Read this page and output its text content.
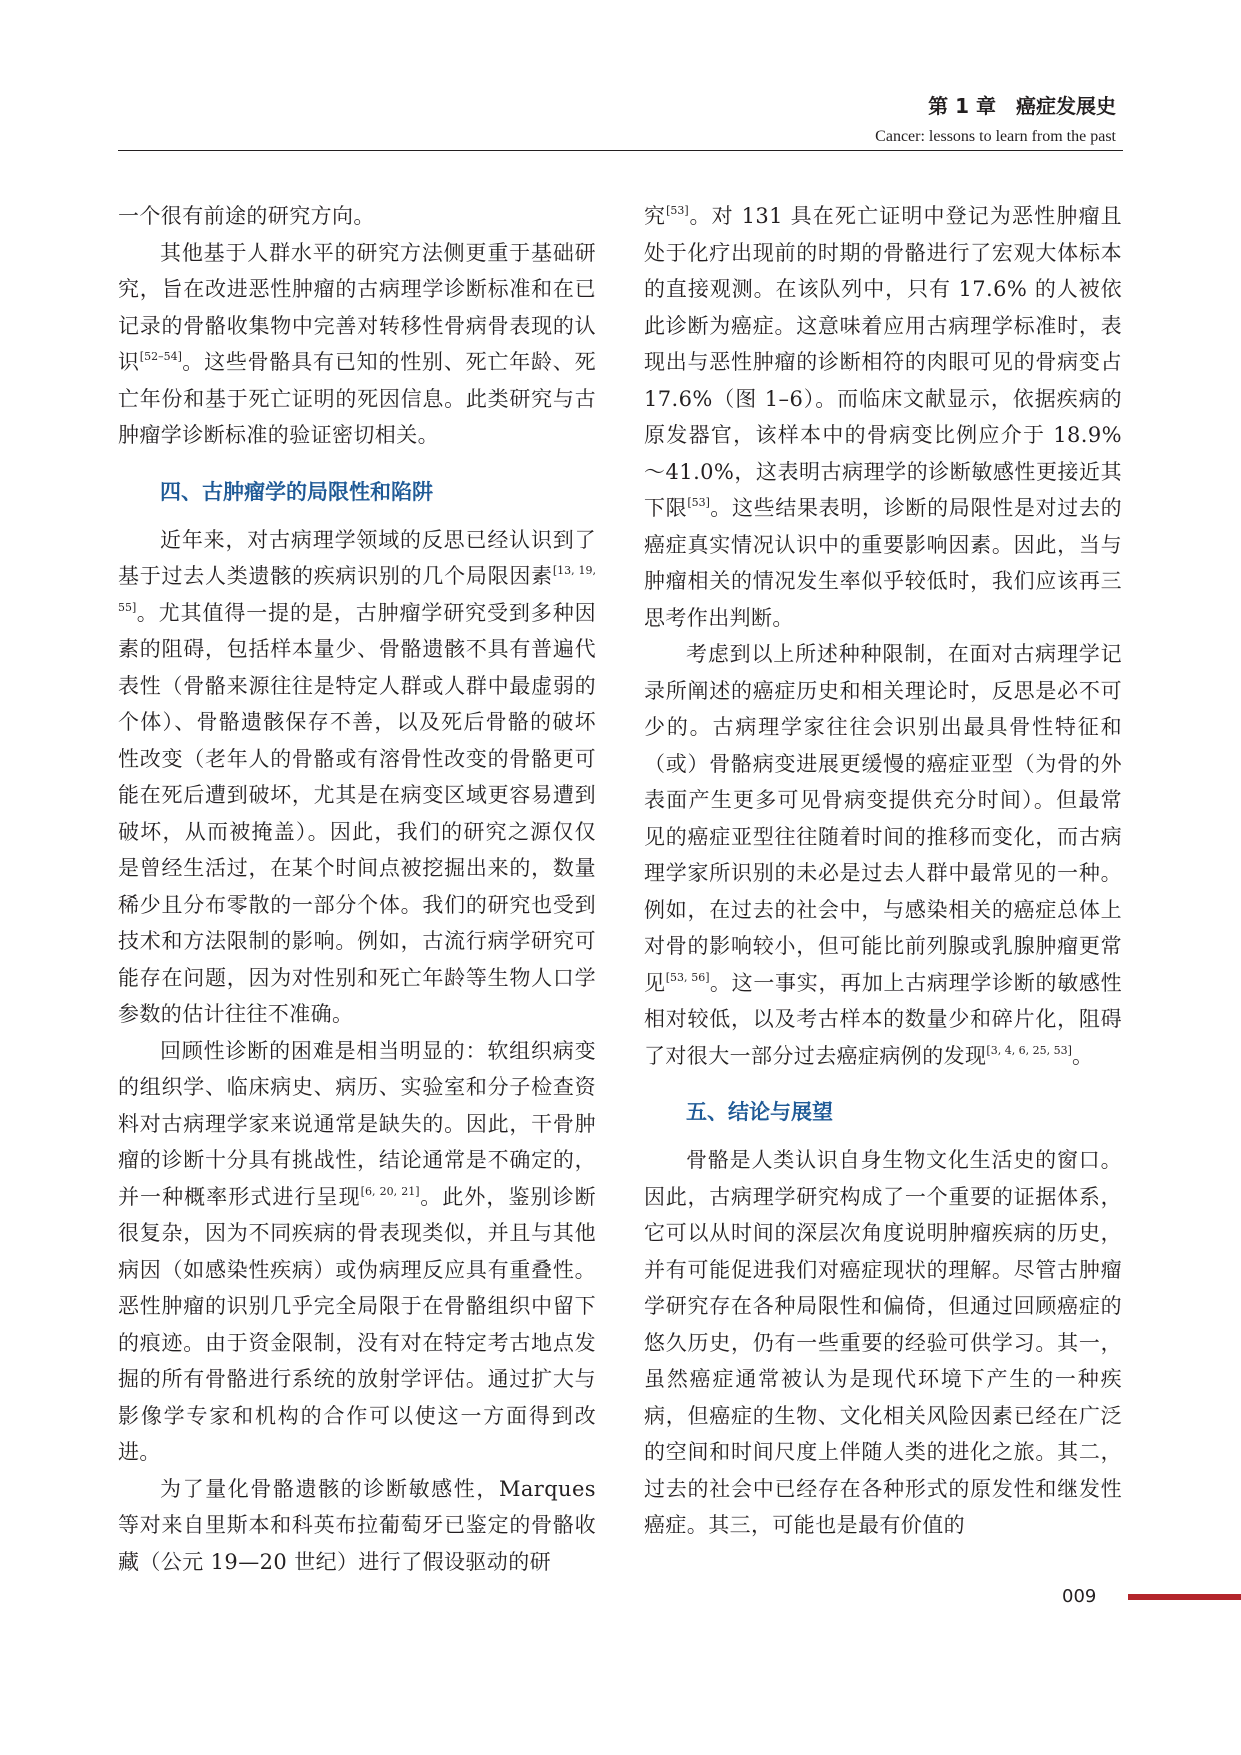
第 1 章　癌症发展史
Cancer: lessons to learn from the past

一个很有前途的研究方向。

其他基于人群水平的研究方法侧更重于基础研究，旨在改进恶性肿瘤的古病理学诊断标准和在已记录的骨骼收集物中完善对转移性骨病骨表现的认识[52–54]。这些骨骼具有已知的性别、死亡年龄、死亡年份和基于死亡证明的死因信息。此类研究与古肿瘤学诊断标准的验证密切相关。

四、古肿瘤学的局限性和陷阱

近年来，对古病理学领域的反思已经认识到了基于过去人类遗骸的疾病识别的几个局限因素[13, 19, 55]。尤其值得一提的是，古肿瘤学研究受到多种因素的阻碍，包括样本量少、骨骼遗骸不具有普遍代表性（骨骼来源往往是特定人群或人群中最虚弱的个体）、骨骼遗骸保存不善，以及死后骨骼的破坏性改变（老年人的骨骼或有溶骨性改变的骨骼更可能在死后遭到破坏，尤其是在病变区域更容易遭到破坏，从而被掩盖）。因此，我们的研究之源仅仅是曾经生活过，在某个时间点被挖掘出来的，数量稀少且分布零散的一部分个体。我们的研究也受到技术和方法限制的影响。例如，古流行病学研究可能存在问题，因为对性别和死亡年龄等生物人口学参数的估计往往不准确。

回顾性诊断的困难是相当明显的：软组织病变的组织学、临床病史、病历、实验室和分子检查资料对古病理学家来说通常是缺失的。因此，干骨肿瘤的诊断十分具有挑战性，结论通常是不确定的，并一种概率形式进行呈现[6, 20, 21]。此外，鉴别诊断很复杂，因为不同疾病的骨表现类似，并且与其他病因（如感染性疾病）或伪病理反应具有重叠性。恶性肿瘤的识别几乎完全局限于在骨骼组织中留下的痕迹。由于资金限制，没有对在特定考古地点发掘的所有骨骼进行系统的放射学评估。通过扩大与影像学专家和机构的合作可以使这一方面得到改进。

为了量化骨骼遗骸的诊断敏感性，Marques 等对来自里斯本和科英布拉葡萄牙已鉴定的骨骼收藏（公元 19—20 世纪）进行了假设驱动的研

究[53]。对 131 具在死亡证明中登记为恶性肿瘤且处于化疗出现前的时期的骨骼进行了宏观大体标本的直接观测。在该队列中，只有 17.6% 的人被依此诊断为癌症。这意味着应用古病理学标准时，表现出与恶性肿瘤的诊断相符的肉眼可见的骨病变占 17.6%（图 1–6）。而临床文献显示，依据疾病的原发器官，该样本中的骨病变比例应介于 18.9%～41.0%，这表明古病理学的诊断敏感性更接近其下限[53]。这些结果表明，诊断的局限性是对过去的癌症真实情况认识中的重要影响因素。因此，当与肿瘤相关的情况发生率似乎较低时，我们应该再三思考作出判断。

考虑到以上所述种种限制，在面对古病理学记录所阐述的癌症历史和相关理论时，反思是必不可少的。古病理学家往往会识别出最具骨性特征和（或）骨骼病变进展更缓慢的癌症亚型（为骨的外表面产生更多可见骨病变提供充分时间）。但最常见的癌症亚型往往随着时间的推移而变化，而古病理学家所识别的未必是过去人群中最常见的一种。例如，在过去的社会中，与感染相关的癌症总体上对骨的影响较小，但可能比前列腺或乳腺肿瘤更常见[53, 56]。这一事实，再加上古病理学诊断的敏感性相对较低，以及考古样本的数量少和碎片化，阻碍了对很大一部分过去癌症病例的发现[3, 4, 6, 25, 53]。

五、结论与展望

骨骼是人类认识自身生物文化生活史的窗口。因此，古病理学研究构成了一个重要的证据体系，它可以从时间的深层次角度说明肿瘤疾病的历史，并有可能促进我们对癌症现状的理解。尽管古肿瘤学研究存在各种局限性和偏倚，但通过回顾癌症的悠久历史，仍有一些重要的经验可供学习。其一，虽然癌症通常被认为是现代环境下产生的一种疾病，但癌症的生物、文化相关风险因素已经在广泛的空间和时间尺度上伴随人类的进化之旅。其二，过去的社会中已经存在各种形式的原发性和继发性癌症。其三，可能也是最有价值的

009
